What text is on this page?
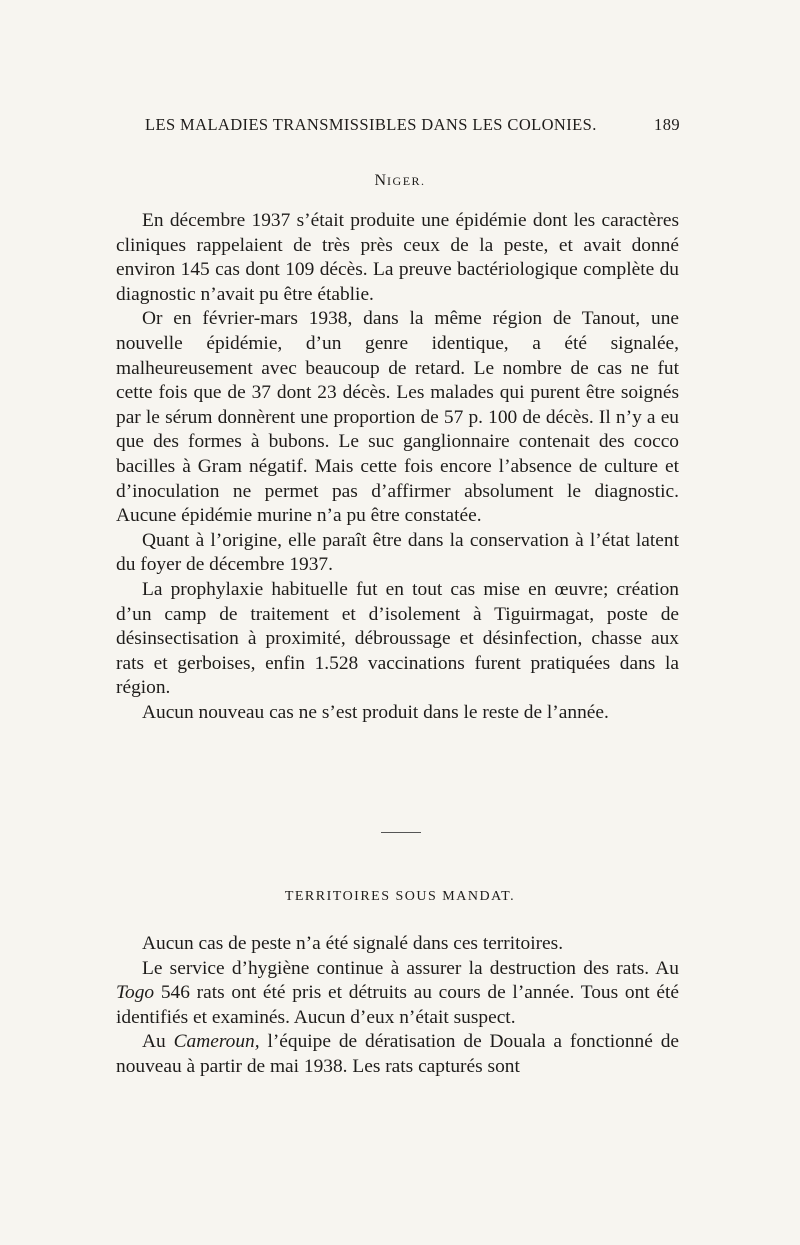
LES MALADIES TRANSMISSIBLES DANS LES COLONIES.	189
NIGER.

En décembre 1937 s’était produite une épidémie dont les caractères cliniques rappelaient de très près ceux de la peste, et avait donné environ 145 cas dont 109 décès. La preuve bactériologique complète du diagnostic n’avait pu être établie.

Or en février-mars 1938, dans la même région de Tanout, une nouvelle épidémie, d’un genre identique, a été signalée, malheureusement avec beaucoup de retard. Le nombre de cas ne fut cette fois que de 37 dont 23 décès. Les malades qui purent être soignés par le sérum donnèrent une proportion de 57 p. 100 de décès. Il n’y a eu que des formes à bubons. Le suc ganglionnaire contenait des cocco bacilles à Gram négatif. Mais cette fois encore l’absence de culture et d’inoculation ne permet pas d’affirmer absolument le diagnostic. Aucune épidémie murine n’a pu être constatée.

Quant à l’origine, elle paraît être dans la conservation à l’état latent du foyer de décembre 1937.

La prophylaxie habituelle fut en tout cas mise en œuvre; création d’un camp de traitement et d’isolement à Tiguirmagat, poste de désinsectisation à proximité, débroussage et désinfection, chasse aux rats et gerboises, enfin 1.528 vaccinations furent pratiquées dans la région.

Aucun nouveau cas ne s’est produit dans le reste de l’année.

TERRITOIRES SOUS MANDAT.

Aucun cas de peste n’a été signalé dans ces territoires.

Le service d’hygiène continue à assurer la destruction des rats. Au Togo 546 rats ont été pris et détruits au cours de l’année. Tous ont été identifiés et examinés. Aucun d’eux n’était suspect.

Au Cameroun, l’équipe de dératisation de Douala a fonctionné de nouveau à partir de mai 1938. Les rats capturés sont
